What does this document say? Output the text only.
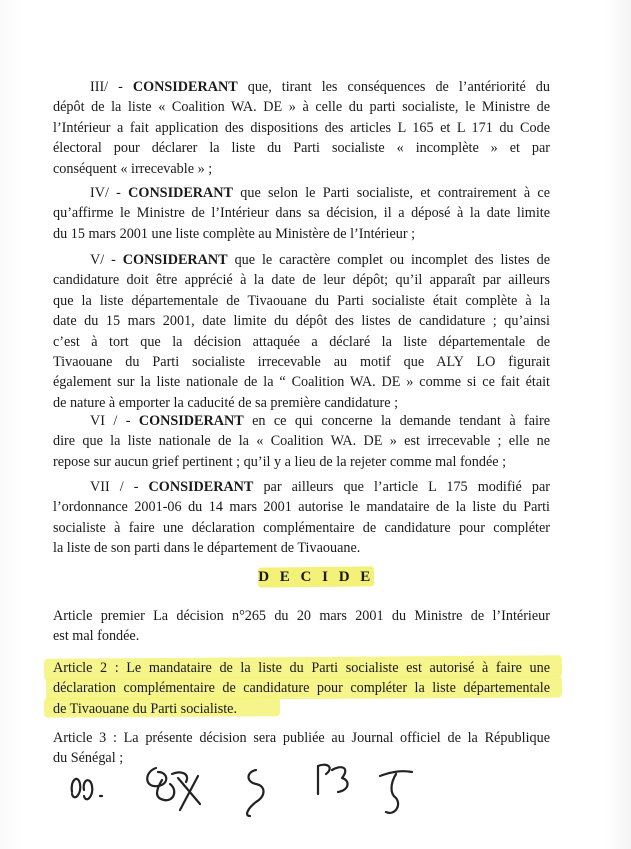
III/ - CONSIDERANT que, tirant les conséquences de l’antériorité du
dépôt de la liste « Coalition WA. DE » à celle du parti socialiste, le Ministre de
l’Intérieur a fait application des dispositions des articles L 165 et L 171 du Code
électoral pour déclarer la liste du Parti socialiste « incomplète » et par
conséquent « irrecevable » ;
IV/ - CONSIDERANT que selon le Parti socialiste, et contrairement à ce
qu’affirme le Ministre de l’Intérieur dans sa décision, il a déposé à la date limite
du 15 mars 2001 une liste complète au Ministère de l’Intérieur ;
V/ - CONSIDERANT que le caractère complet ou incomplet des listes de
candidature doit être apprécié à la date de leur dépôt; qu’il apparaît par ailleurs
que la liste départementale de Tivaouane du Parti socialiste était complète à la
date du 15 mars 2001, date limite du dépôt des listes de candidature ; qu’ainsi
c’est à tort que la décision attaquée a déclaré la liste départementale de
Tivaouane du Parti socialiste irrecevable au motif que ALY LO figurait
également sur la liste nationale de la “ Coalition WA. DE » comme si ce fait était
de nature à emporter la caducité de sa première candidature ;
VI / - CONSIDERANT en ce qui concerne la demande tendant à faire
dire que la liste nationale de la « Coalition WA. DE » est irrecevable ; elle ne
repose sur aucun grief pertinent ; qu’il y a lieu de la rejeter comme mal fondée ;
VII / - CONSIDERANT par ailleurs que l’article L 175 modifié par
l’ordonnance 2001-06 du 14 mars 2001 autorise le mandataire de la liste du Parti
socialiste à faire une déclaration complémentaire de candidature pour compléter
la liste de son parti dans le département de Tivaouane.
D E C I D E
Article premier La décision n°265 du 20 mars 2001 du Ministre de l’Intérieur
est mal fondée.
Article 2 : Le mandataire de la liste du Parti socialiste est autorisé à faire une
déclaration complémentaire de candidature pour compléter la liste départementale
de Tivaouane du Parti socialiste.
Article 3 : La présente décision sera publiée au Journal officiel de la République
du Sénégal ;
